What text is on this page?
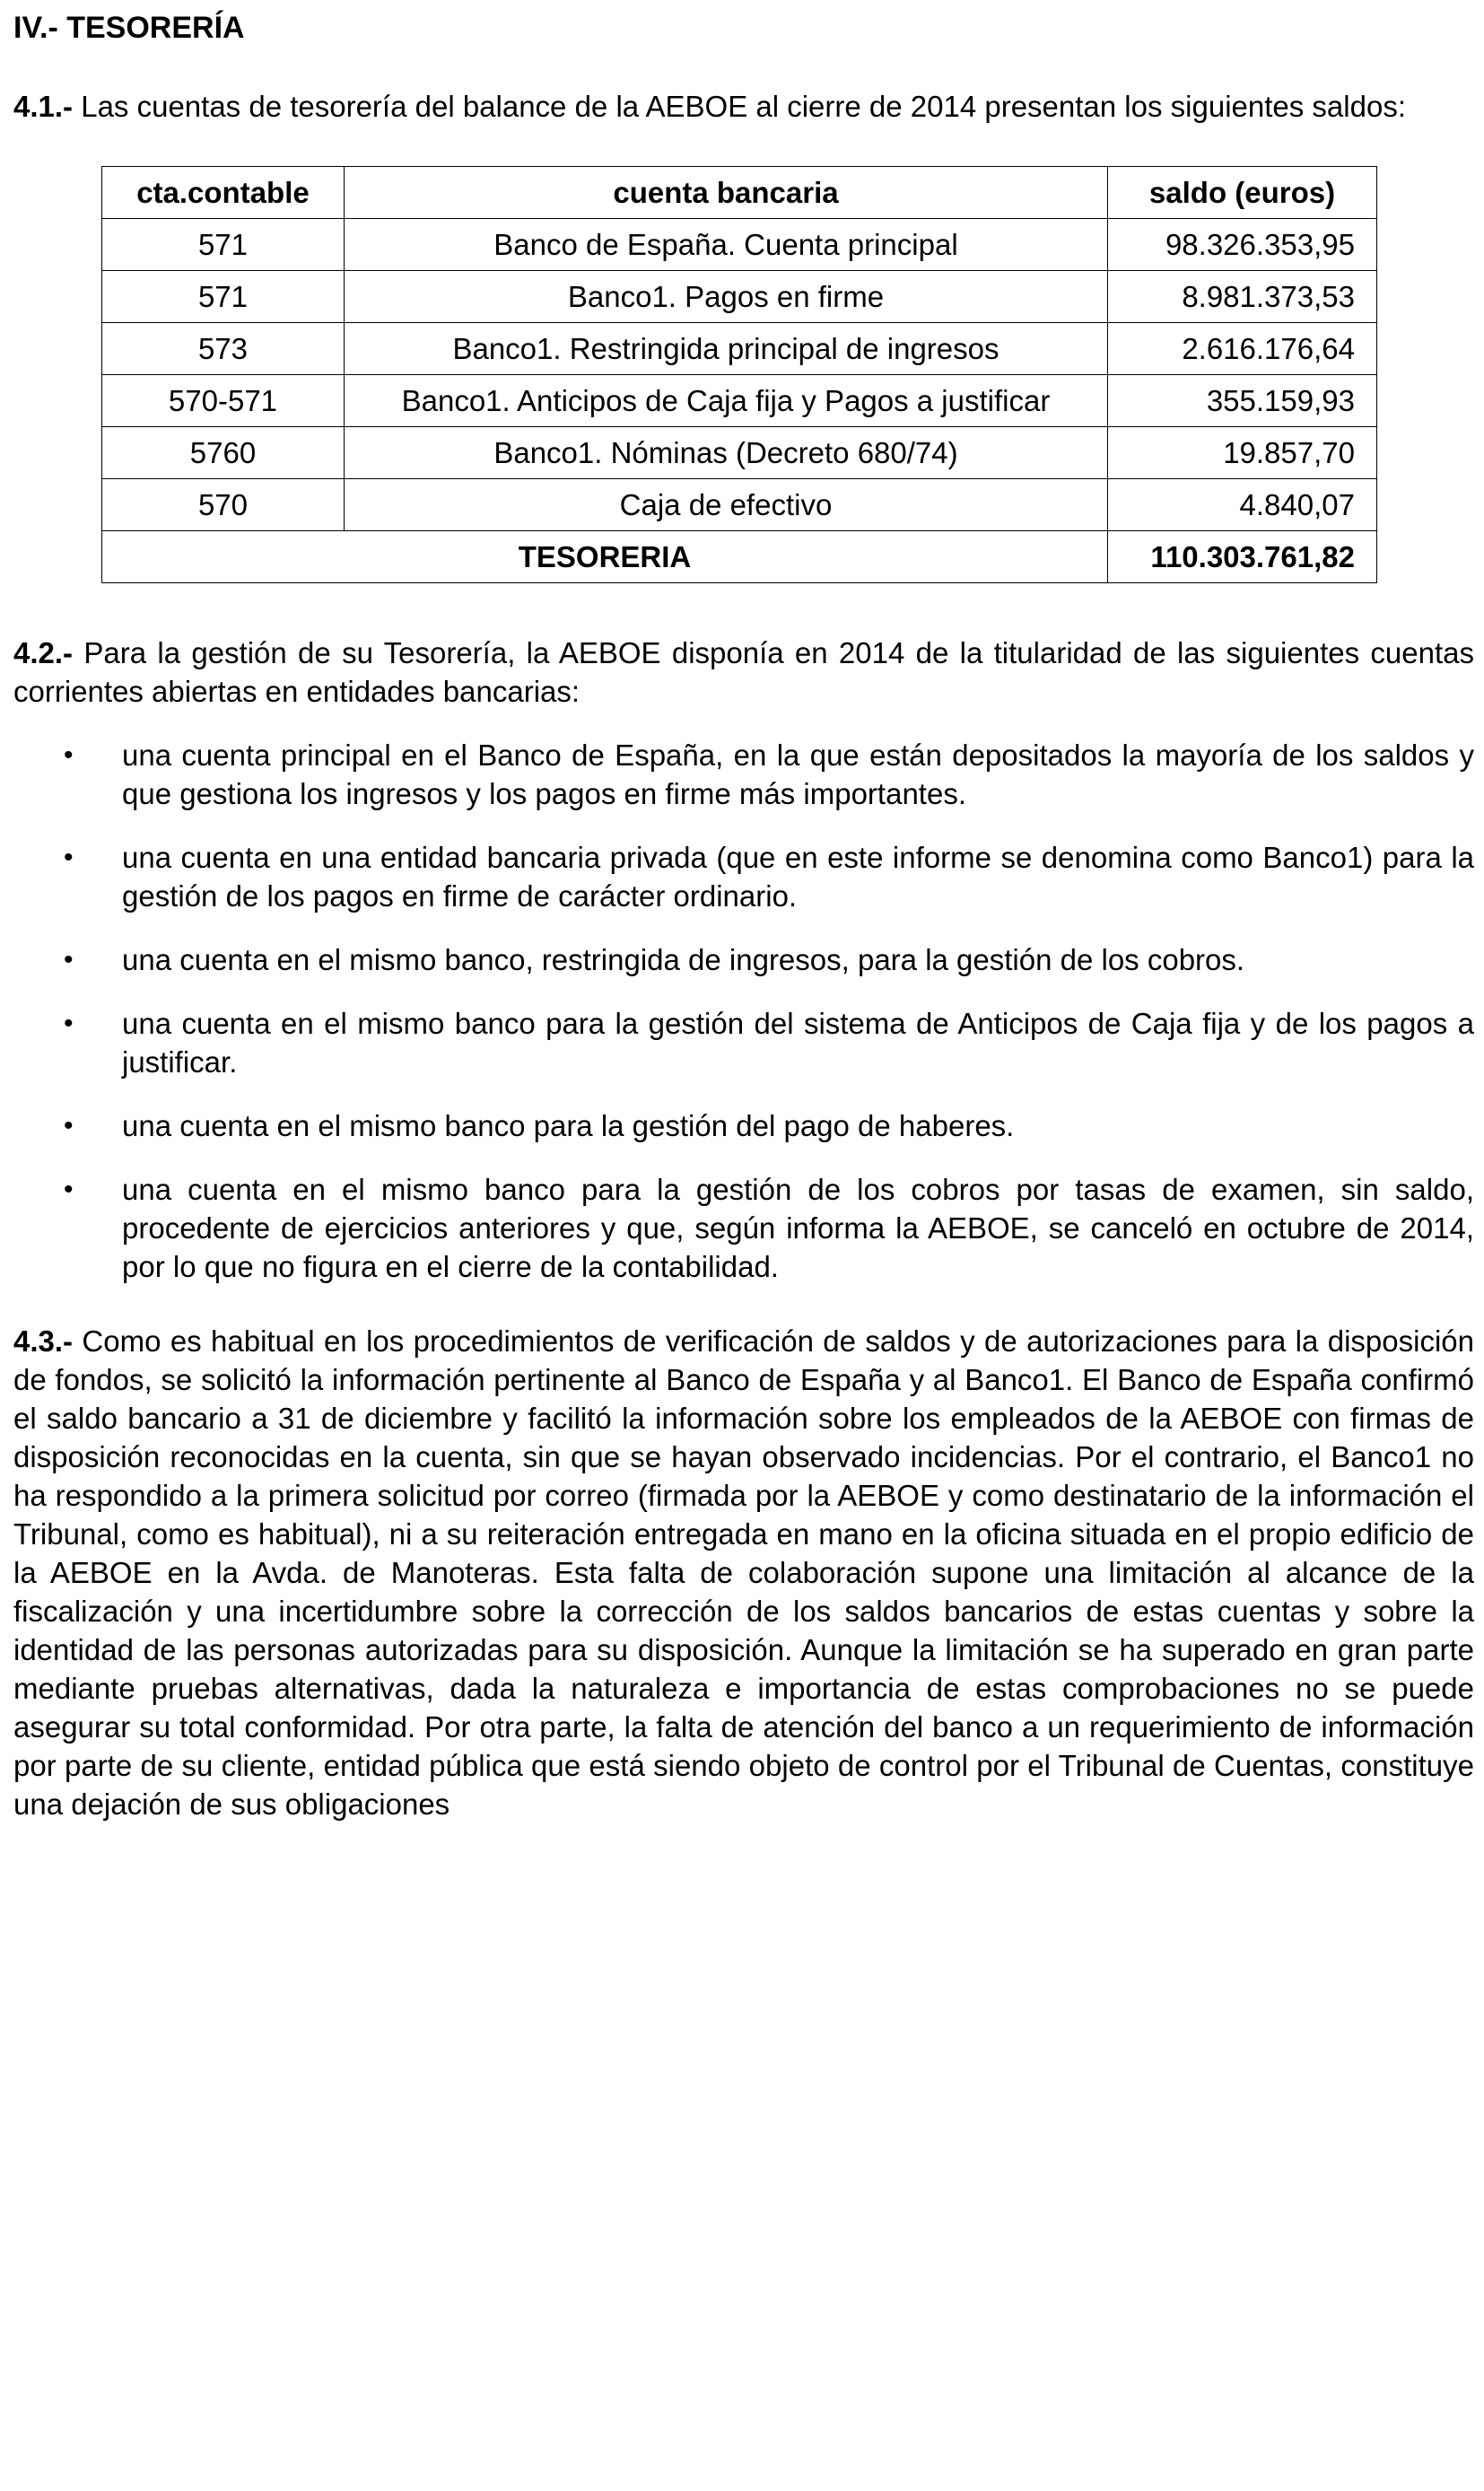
IV.- TESORERÍA

4.1.- Las cuentas de tesorería del balance de la AEBOE al cierre de 2014 presentan los siguientes saldos:

cta.contable	cuenta bancaria	saldo (euros)
571	Banco de España. Cuenta principal	98.326.353,95
571	Banco1. Pagos en firme	8.981.373,53
573	Banco1. Restringida principal de ingresos	2.616.176,64
570-571	Banco1. Anticipos de Caja fija y Pagos a justificar	355.159,93
5760	Banco1. Nóminas (Decreto 680/74)	19.857,70
570	Caja de efectivo	4.840,07
TESORERIA		110.303.761,82

4.2.- Para la gestión de su Tesorería, la AEBOE disponía en 2014 de la titularidad de las siguientes cuentas corrientes abiertas en entidades bancarias:

• una cuenta principal en el Banco de España, en la que están depositados la mayoría de los saldos y que gestiona los ingresos y los pagos en firme más importantes.
• una cuenta en una entidad bancaria privada (que en este informe se denomina como Banco1) para la gestión de los pagos en firme de carácter ordinario.
• una cuenta en el mismo banco, restringida de ingresos, para la gestión de los cobros.
• una cuenta en el mismo banco para la gestión del sistema de Anticipos de Caja fija y de los pagos a justificar.
• una cuenta en el mismo banco para la gestión del pago de haberes.
• una cuenta en el mismo banco para la gestión de los cobros por tasas de examen, sin saldo, procedente de ejercicios anteriores y que, según informa la AEBOE, se canceló en octubre de 2014, por lo que no figura en el cierre de la contabilidad.

4.3.- Como es habitual en los procedimientos de verificación de saldos y de autorizaciones para la disposición de fondos, se solicitó la información pertinente al Banco de España y al Banco1. El Banco de España confirmó el saldo bancario a 31 de diciembre y facilitó la información sobre los empleados de la AEBOE con firmas de disposición reconocidas en la cuenta, sin que se hayan observado incidencias. Por el contrario, el Banco1 no ha respondido a la primera solicitud por correo (firmada por la AEBOE y como destinatario de la información el Tribunal, como es habitual), ni a su reiteración entregada en mano en la oficina situada en el propio edificio de la AEBOE en la Avda. de Manoteras. Esta falta de colaboración supone una limitación al alcance de la fiscalización y una incertidumbre sobre la corrección de los saldos bancarios de estas cuentas y sobre la identidad de las personas autorizadas para su disposición. Aunque la limitación se ha superado en gran parte mediante pruebas alternativas, dada la naturaleza e importancia de estas comprobaciones no se puede asegurar su total conformidad. Por otra parte, la falta de atención del banco a un requerimiento de información por parte de su cliente, entidad pública que está siendo objeto de control por el Tribunal de Cuentas, constituye una dejación de sus obligaciones
